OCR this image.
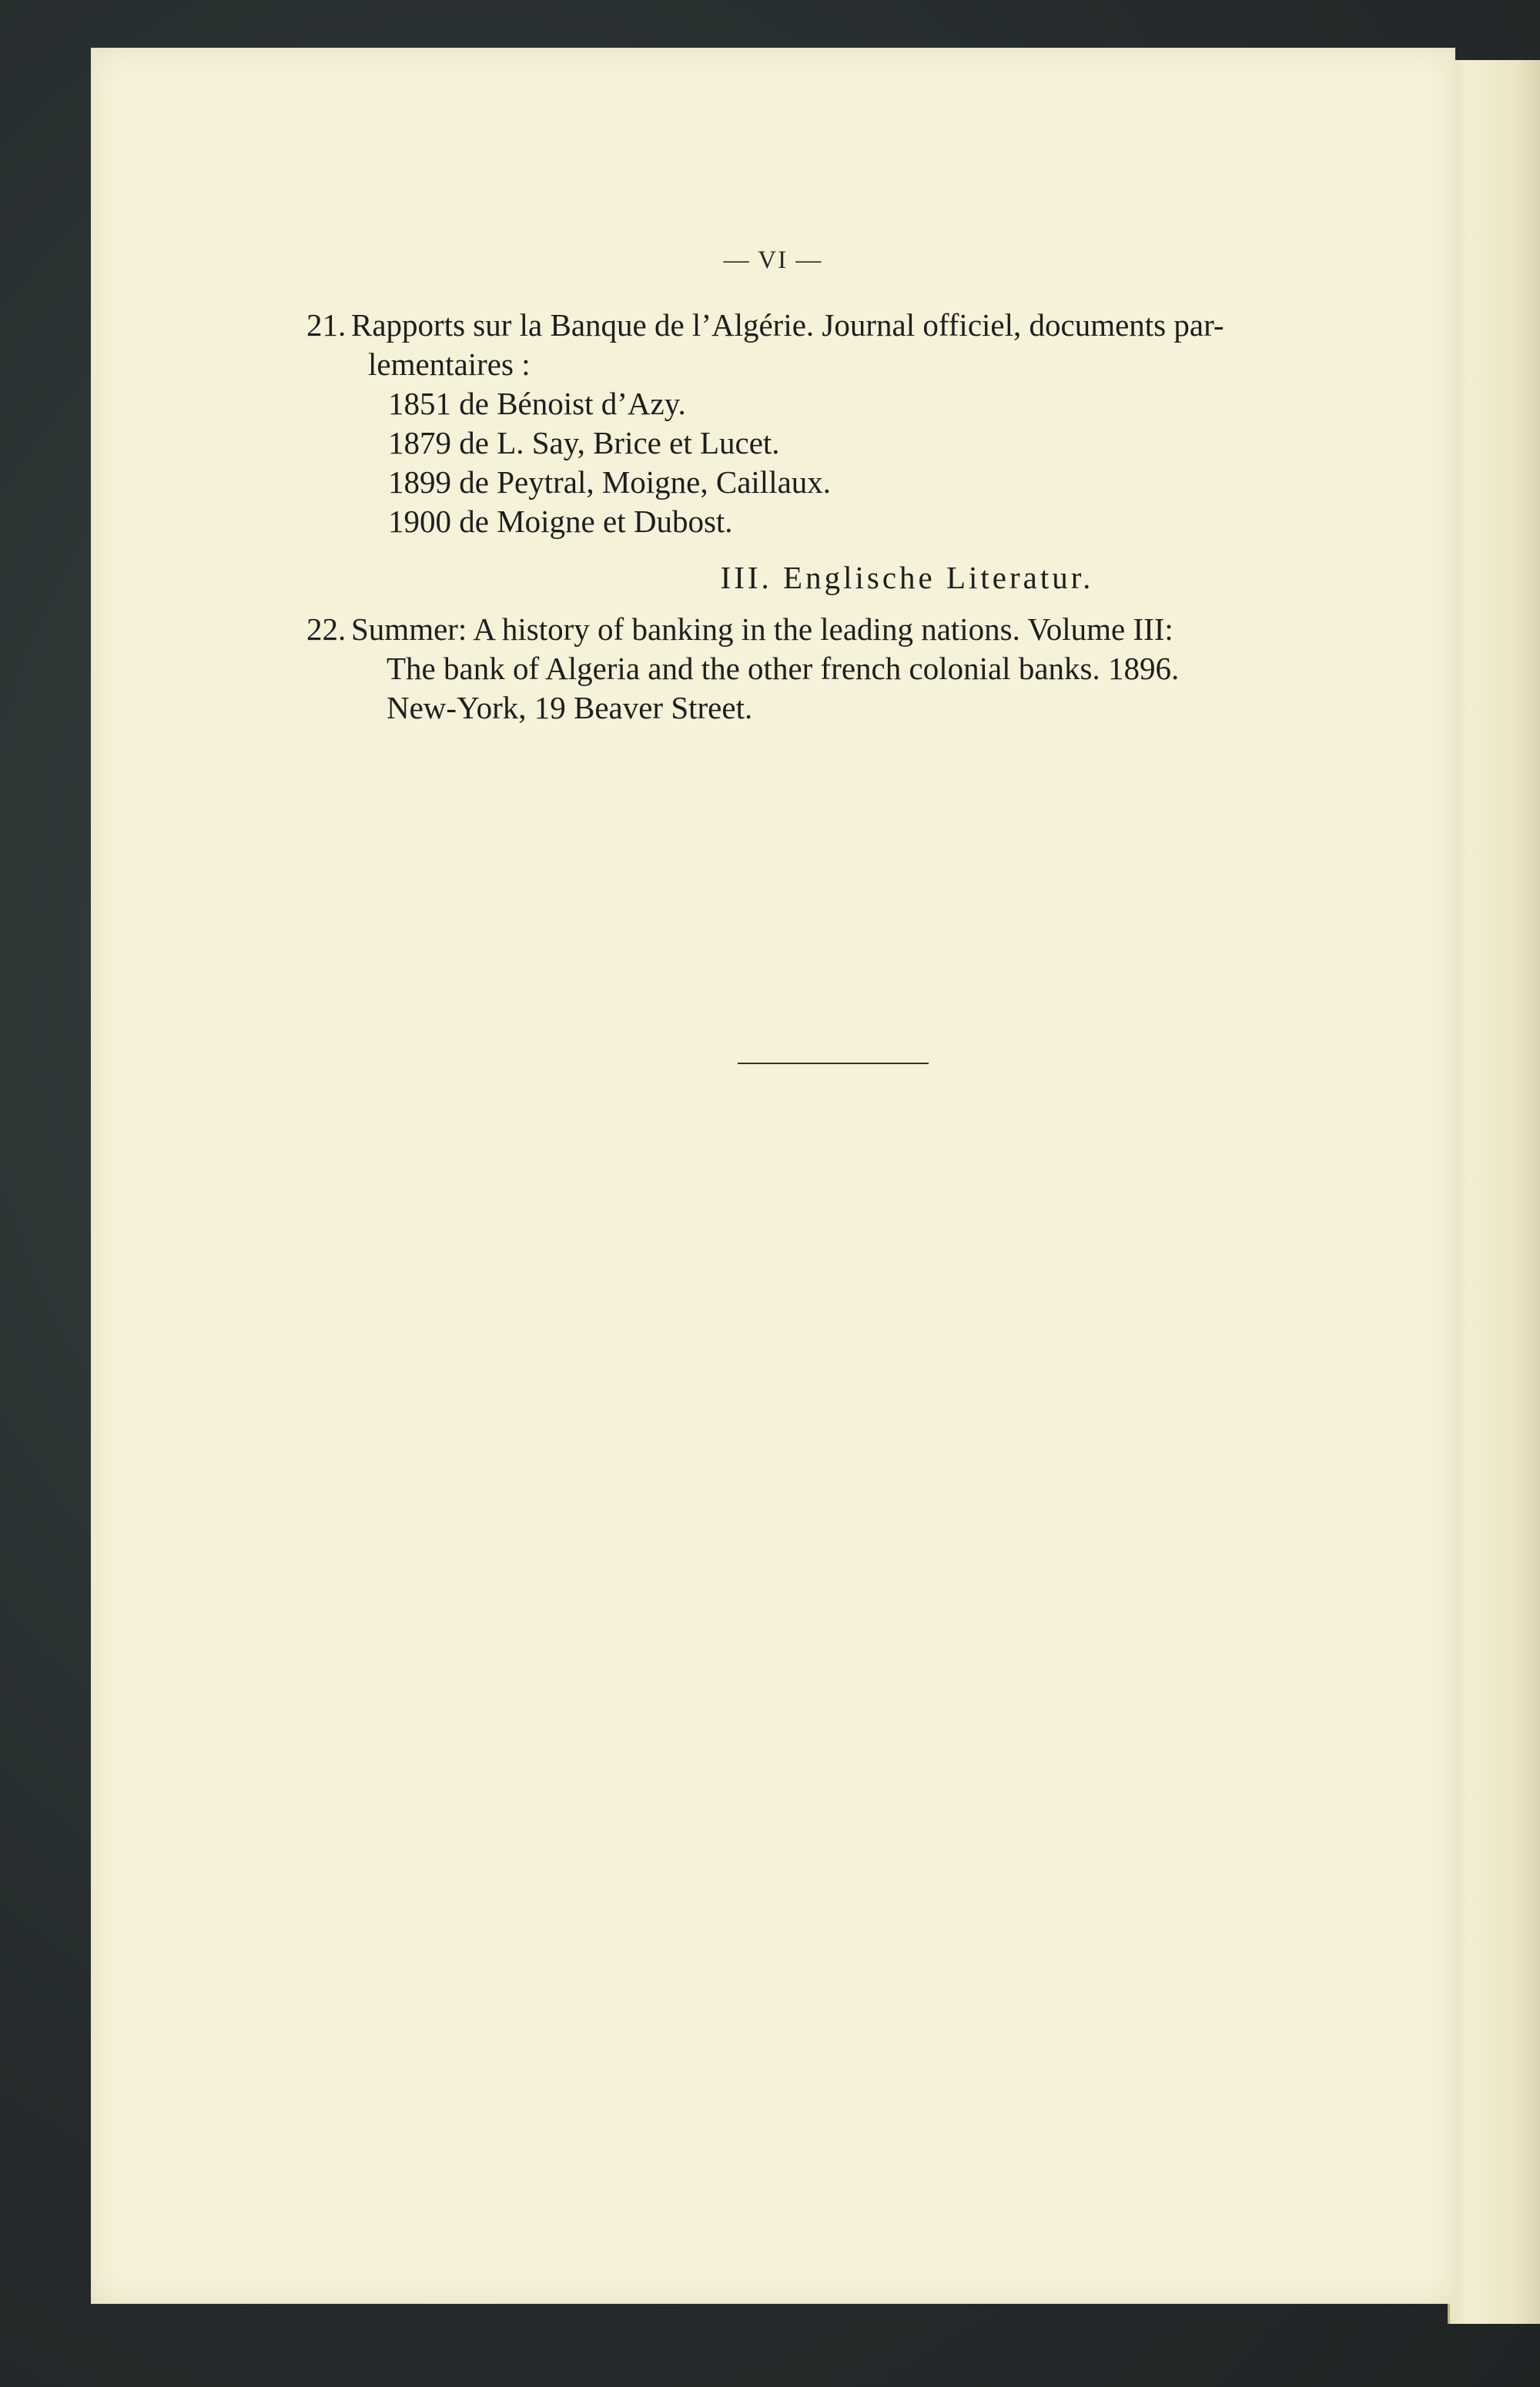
— VI —
21. Rapports sur la Banque de l’Algérie. Journal officiel, documents par-
lementaires :
1851 de Bénoist d’Azy.
1879 de L. Say, Brice et Lucet.
1899 de Peytral, Moigne, Caillaux.
1900 de Moigne et Dubost.
III. Englische Literatur.
22. Summer: A history of banking in the leading nations. Volume III:
The bank of Algeria and the other french colonial banks. 1896.
New-York, 19 Beaver Street.
